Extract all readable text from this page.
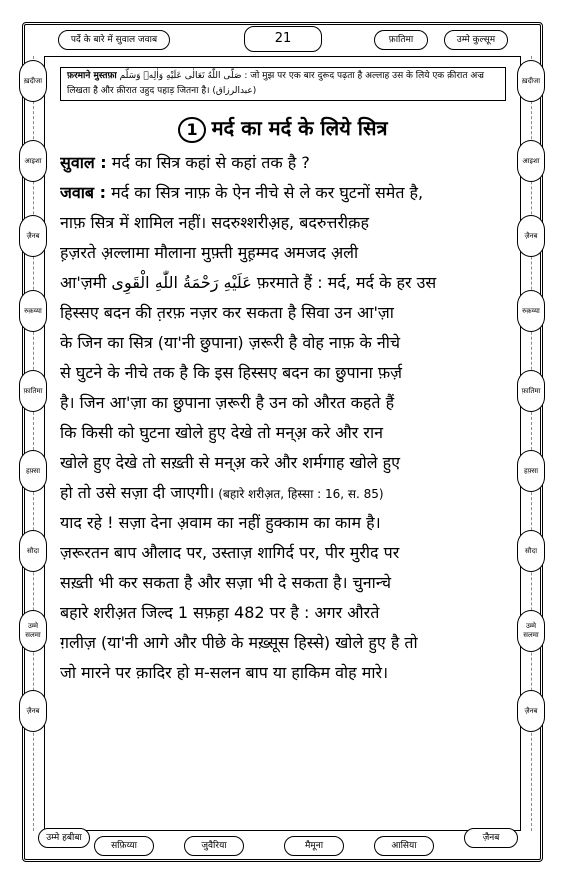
पर्दे के बारे में सुवाल जवाब	21	फ़ातिमा	उम्मे कुल्सूम
ख़दीजा
आइशा
ज़ैनब
रुक़य्या
फ़ातिमा
हफ़्सा
सौदा
उम्मे सलमा
ज़ैनब
ख़दीजा
आइशा
ज़ैनब
रुक़य्या
फ़ातिमा
हफ़्सा
सौदा
उम्मे सलमा
ज़ैनब
फ़रमाने मुस्तफ़ा صَلَّى اللّٰهُ تَعَالٰى عَلَيْهِ وَاٰلِهٖ وَسَلَّم : जो मुझ पर एक बार दुरूद पढ़ता है अल्लाह उस के लिये एक क़ीरात अज्र
लिखता है और क़ीरात उहुद पहाड़ जितना है। (عبدالرزاق)
1 मर्द का मर्द के लिये सित्र
सुवाल : मर्द का सित्र कहां से कहां तक है ?
जवाब : मर्द का सित्र नाफ़ के ऐन नीचे से ले कर घुटनों समेत है,
नाफ़ सित्र में शामिल नहीं। सदरुश्शरीअ़ह, बदरुत्तरीक़ह
ह़ज़रते अ़ल्लामा मौलाना मुफ़्ती मुह़म्मद अमजद अ़ली
आ'ज़मी عَلَيْهِ رَحْمَةُ اللّٰهِ الْقَوِى फ़रमाते हैं : मर्द, मर्द के हर उस
हिस्सए बदन की त़रफ़ नज़र कर सकता है सिवा उन आ'ज़ा
के जिन का सित्र (या'नी छुपाना) ज़रूरी है वोह नाफ़ के नीचे
से घुटने के नीचे तक है कि इस हिस्सए बदन का छुपाना फ़र्ज़
है। जिन आ'ज़ा का छुपाना ज़रूरी है उन को औरत कहते हैं
कि किसी को घुटना खोले हुए देखे तो मन्अ़ करे और रान
खोले हुए देखे तो सख़्ती से मन्अ़ करे और शर्मगाह खोले हुए
हो तो उसे सज़ा दी जाएगी। (बहारे शरीअ़त, हिस्सा : 16, स. 85)
याद रहे ! सज़ा देना अ़वाम का नहीं हुक्काम का काम है।
ज़रूरतन बाप औलाद पर, उस्ताज़ शागिर्द पर, पीर मुरीद पर
सख़्ती भी कर सकता है और सज़ा भी दे सकता है। चुनान्चे
बहारे शरीअ़त जिल्द 1 सफ़ह़ा 482 पर है : अगर औरते
ग़लीज़ (या'नी आगे और पीछे के मख़्सूस हिस्से) खोले हुए है तो
जो मारने पर क़ादिर हो म-सलन बाप या हाकिम वोह मारे।
उम्मे हबीबा
सफ़िय्या	जुवैरिया	मैमूना	आसिया
ज़ैनब
